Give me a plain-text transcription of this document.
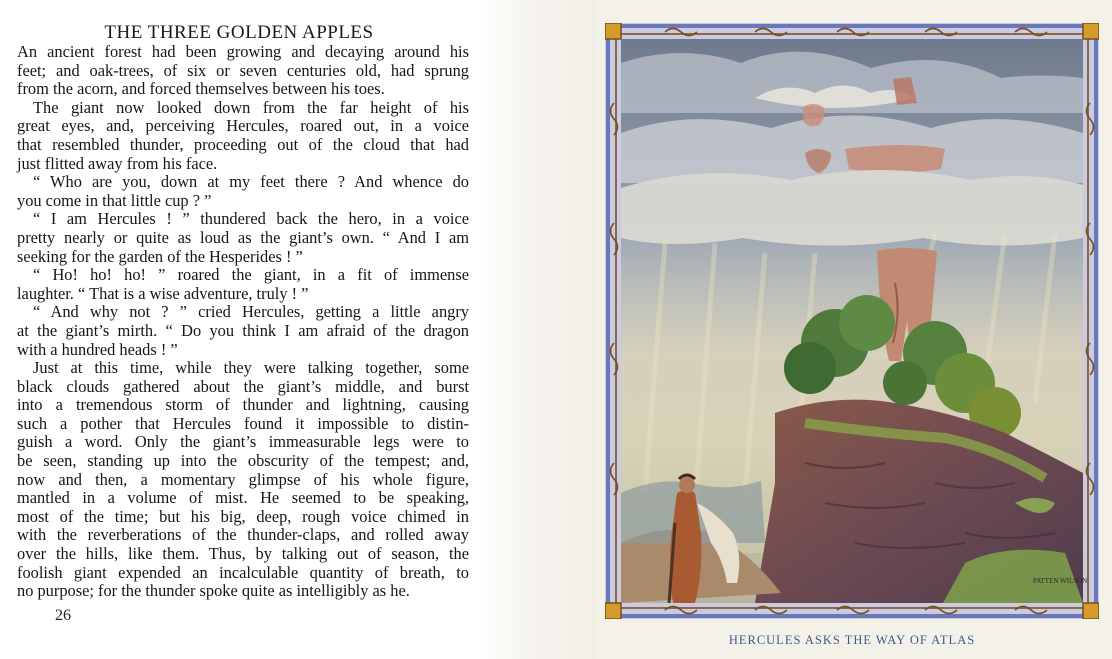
THE THREE GOLDEN APPLES
An ancient forest had been growing and decaying around his
feet; and oak-trees, of six or seven centuries old, had sprung
from the acorn, and forced themselves between his toes.
The giant now looked down from the far height of his
great eyes, and, perceiving Hercules, roared out, in a voice
that resembled thunder, proceeding out of the cloud that had
just flitted away from his face.
“ Who are you, down at my feet there ? And whence do
you come in that little cup ? ”
“ I am Hercules ! ” thundered back the hero, in a voice
pretty nearly or quite as loud as the giant’s own. “ And I am
seeking for the garden of the Hesperides ! ”
“ Ho! ho! ho! ” roared the giant, in a fit of immense
laughter. “ That is a wise adventure, truly ! ”
“ And why not ? ” cried Hercules, getting a little angry
at the giant’s mirth. “ Do you think I am afraid of the dragon
with a hundred heads ! ”
Just at this time, while they were talking together, some
black clouds gathered about the giant’s middle, and burst
into a tremendous storm of thunder and lightning, causing
such a pother that Hercules found it impossible to distin-
guish a word. Only the giant’s immeasurable legs were to
be seen, standing up into the obscurity of the tempest; and,
now and then, a momentary glimpse of his whole figure,
mantled in a volume of mist. He seemed to be speaking,
most of the time; but his big, deep, rough voice chimed in
with the reverberations of the thunder-claps, and rolled away
over the hills, like them. Thus, by talking out of season, the
foolish giant expended an incalculable quantity of breath, to
no purpose; for the thunder spoke quite as intelligibly as he.
26
PATTEN WILSON
HERCULES ASKS THE WAY OF ATLAS
